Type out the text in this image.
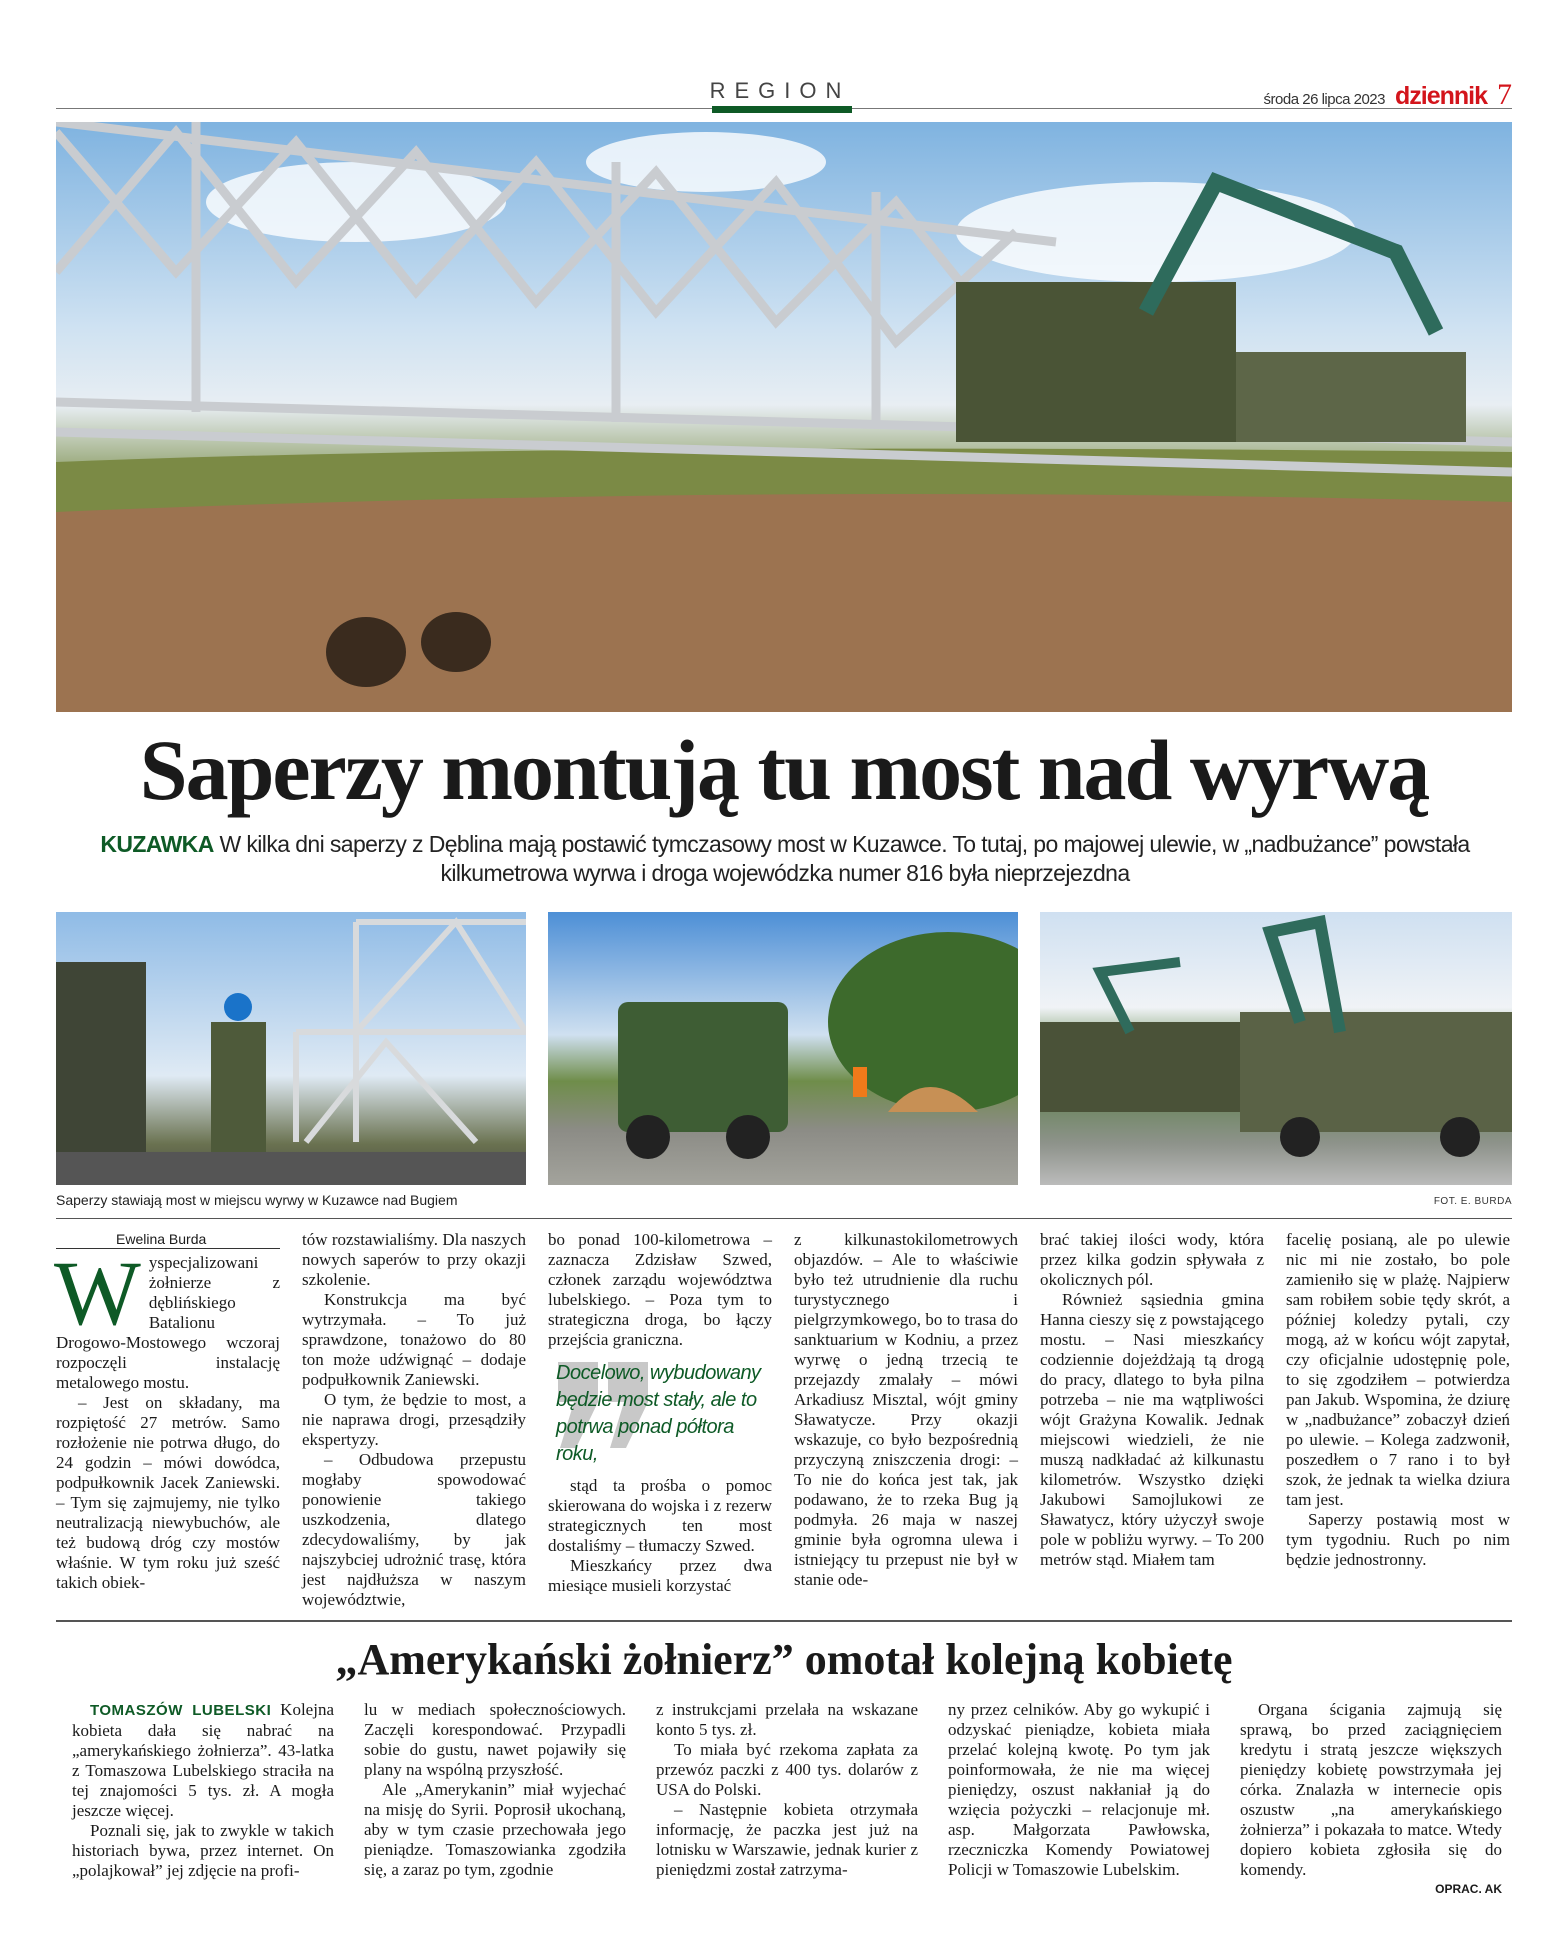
REGION	środa 26 lipca 2023 dziennik 7
Saperzy montują tu most nad wyrwą
KUZAWKA W kilka dni saperzy z Dęblina mają postawić tymczasowy most w Kuzawce. To tutaj, po majowej ulewie, w „nadbużance” powstała kilkumetrowa wyrwa i droga wojewódzka numer 816 była nieprzejezdna
Saperzy stawiają most w miejscu wyrwy w Kuzawce nad Bugiem	FOT. E. BURDA
Ewelina Burda

Wyspecjalizowani żołnierze z dęblińskiego Batalionu Drogowo-Mostowego wczoraj rozpoczęli instalację metalowego mostu.

– Jest on składany, ma rozpiętość 27 metrów. Samo rozłożenie nie potrwa długo, do 24 godzin – mówi dowódca, podpułkownik Jacek Zaniewski. – Tym się zajmujemy, nie tylko neutralizacją niewybuchów, ale też budową dróg czy mostów właśnie. W tym roku już sześć takich obiek-

tów rozstawialiśmy. Dla naszych nowych saperów to przy okazji szkolenie.

Konstrukcja ma być wytrzymała. – To już sprawdzone, tonażowo do 80 ton może udźwignąć – dodaje podpułkownik Zaniewski.

O tym, że będzie to most, a nie naprawa drogi, przesądziły ekspertyzy.

– Odbudowa przepustu mogłaby spowodować ponowienie takiego uszkodzenia, dlatego zdecydowaliśmy, by jak najszybciej udrożnić trasę, która jest najdłuższa w naszym województwie,

bo ponad 100-kilometrowa – zaznacza Zdzisław Szwed, członek zarządu województwa lubelskiego. – Poza tym to strategiczna droga, bo łączy przejścia graniczna.

Docelowo, wybudowany będzie most stały, ale to potrwa ponad półtora roku,

stąd ta prośba o pomoc skierowana do wojska i z rezerw strategicznych ten most dostaliśmy – tłumaczy Szwed.

Mieszkańcy przez dwa miesiące musieli korzystać

z kilkunastokilometrowych objazdów. – Ale to właściwie było też utrudnienie dla ruchu turystycznego i pielgrzymkowego, bo to trasa do sanktuarium w Kodniu, a przez wyrwę o jedną trzecią te przejazdy zmalały – mówi Arkadiusz Misztal, wójt gminy Sławatycze. Przy okazji wskazuje, co było bezpośrednią przyczyną zniszczenia drogi: – To nie do końca jest tak, jak podawano, że to rzeka Bug ją podmyła. 26 maja w naszej gminie była ogromna ulewa i istniejący tu przepust nie był w stanie ode-

brać takiej ilości wody, która przez kilka godzin spływała z okolicznych pól.

Również sąsiednia gmina Hanna cieszy się z powstającego mostu. – Nasi mieszkańcy codziennie dojeżdżają tą drogą do pracy, dlatego to była pilna potrzeba – nie ma wątpliwości wójt Grażyna Kowalik. Jednak miejscowi wiedzieli, że nie muszą nadkładać aż kilkunastu kilometrów. Wszystko dzięki Jakubowi Samojlukowi ze Sławatycz, który użyczył swoje pole w pobliżu wyrwy. – To 200 metrów stąd. Miałem tam

facelię posianą, ale po ulewie nic mi nie zostało, bo pole zamieniło się w plażę. Najpierw sam robiłem sobie tędy skrót, a później koledzy pytali, czy mogą, aż w końcu wójt zapytał, czy oficjalnie udostępnię pole, to się zgodziłem – potwierdza pan Jakub. Wspomina, że dziurę w „nadbużance” zobaczył dzień po ulewie. – Kolega zadzwonił, poszedłem o 7 rano i to był szok, że jednak ta wielka dziura tam jest.

Saperzy postawią most w tym tygodniu. Ruch po nim będzie jednostronny.

„Amerykański żołnierz” omotał kolejną kobietę

TOMASZÓW LUBELSKI Kolejna kobieta dała się nabrać na „amerykańskiego żołnierza”. 43-latka z Tomaszowa Lubelskiego straciła na tej znajomości 5 tys. zł. A mogła jeszcze więcej.

Poznali się, jak to zwykle w takich historiach bywa, przez internet. On „polajkował” jej zdjęcie na profi-

lu w mediach społecznościowych. Zaczęli korespondować. Przypadli sobie do gustu, nawet pojawiły się plany na wspólną przyszłość.

Ale „Amerykanin” miał wyjechać na misję do Syrii. Poprosił ukochaną, aby w tym czasie przechowała jego pieniądze. Tomaszowianka zgodziła się, a zaraz po tym, zgodnie

z instrukcjami przelała na wskazane konto 5 tys. zł.

To miała być rzekoma zapłata za przewóz paczki z 400 tys. dolarów z USA do Polski.

– Następnie kobieta otrzymała informację, że paczka jest już na lotnisku w Warszawie, jednak kurier z pieniędzmi został zatrzyma-

ny przez celników. Aby go wykupić i odzyskać pieniądze, kobieta miała przelać kolejną kwotę. Po tym jak poinformowała, że nie ma więcej pieniędzy, oszust nakłaniał ją do wzięcia pożyczki – relacjonuje mł. asp. Małgorzata Pawłowska, rzeczniczka Komendy Powiatowej Policji w Tomaszowie Lubelskim.

Organa ścigania zajmują się sprawą, bo przed zaciągnięciem kredytu i stratą jeszcze większych pieniędzy kobietę powstrzymała jej córka. Znalazła w internecie opis oszustw „na amerykańskiego żołnierza” i pokazała to matce. Wtedy dopiero kobieta zgłosiła się do komendy.

OPRAC. AK
